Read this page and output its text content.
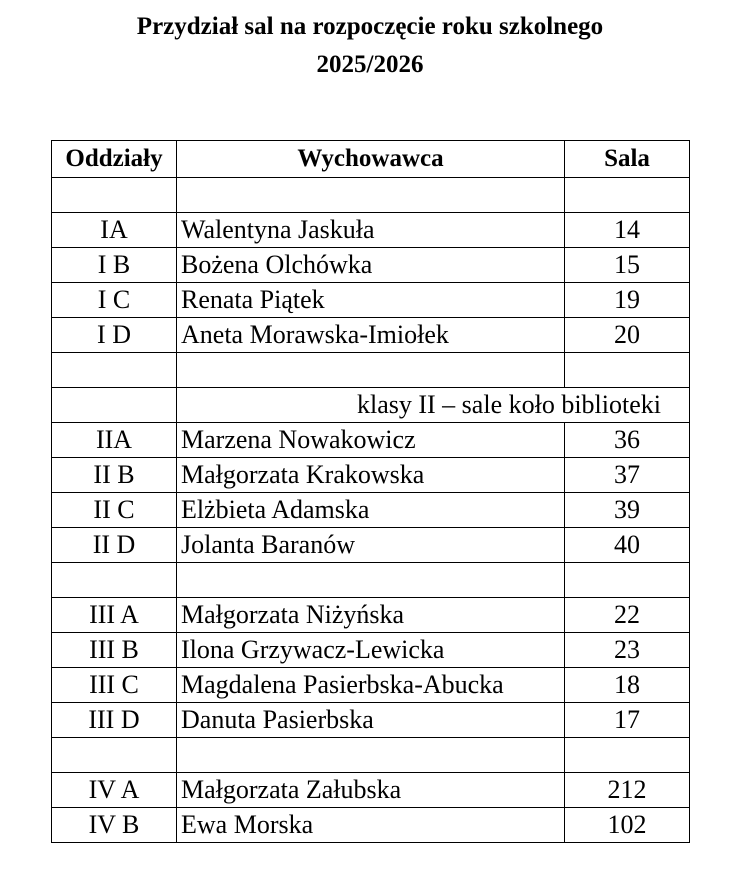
Przydział sal na rozpoczęcie roku szkolnego
2025/2026
Oddziały	Wychowawca	Sala

IA	Walentyna Jaskuła	14
I B	Bożena Olchówka	15
I C	Renata Piątek	19
I D	Aneta Morawska-Imiołek	20

	klasy II – sale koło biblioteki	
IIA	Marzena Nowakowicz	36
II B	Małgorzata Krakowska	37
II C	Elżbieta Adamska	39
II D	Jolanta Baranów	40

III A	Małgorzata Niżyńska	22
III B	Ilona Grzywacz-Lewicka	23
III C	Magdalena Pasierbska-Abucka	18
III D	Danuta Pasierbska	17

IV A	Małgorzata Załubska	212
IV B	Ewa Morska	102
